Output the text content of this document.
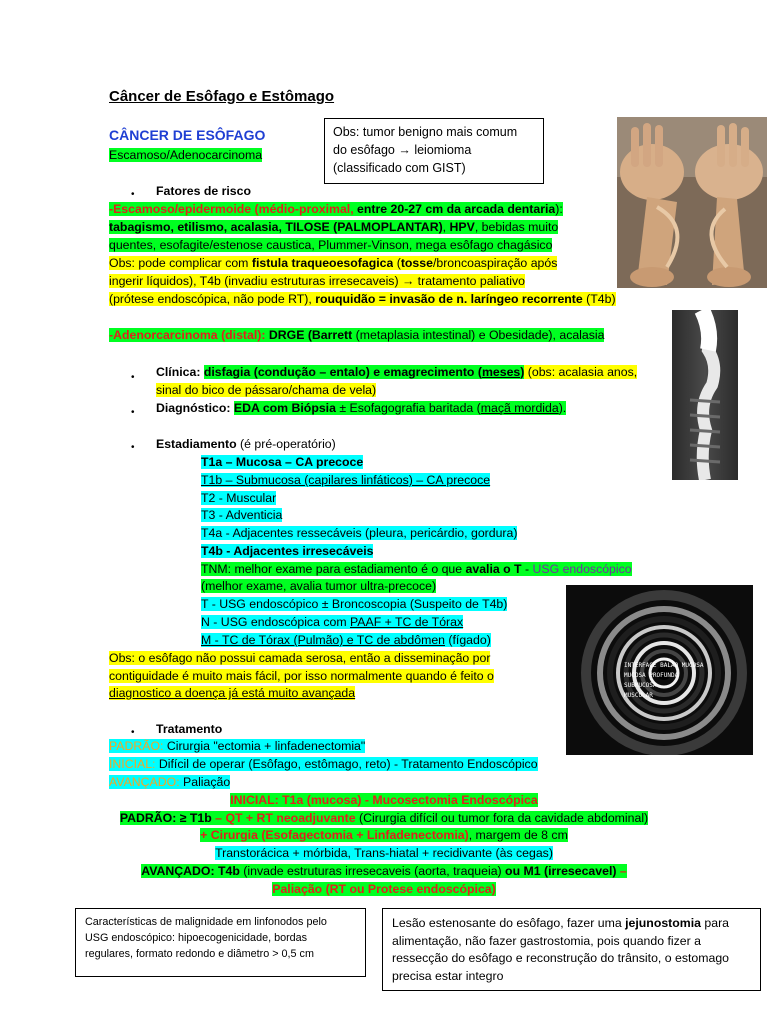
Câncer de Esôfago e Estômago
CÂNCER DE ESÔFAGO
Escamoso/Adenocarcinoma
Obs: tumor benigno mais comum
do esôfago → leiomioma
(classificado com GIST)
• Fatores de risco
-Escamoso/epidermoide (médio-proximal, entre 20-27 cm da arcada dentaria):
tabagismo, etilismo, acalasia, TILOSE (PALMOPLANTAR), HPV, bebidas muito
quentes, esofagite/estenose caustica, Plummer-Vinson, mega esôfago chagásico
Obs: pode complicar com fistula traqueoesofagica (tosse/broncoaspiração após
ingerir líquidos), T4b (invadiu estruturas irresecaveis) → tratamento paliativo
(prótese endoscópica, não pode RT), rouquidão = invasão de n. laríngeo recorrente (T4b)
-Adenorcarcinoma (distal): DRGE (Barrett (metaplasia intestinal) e Obesidade), acalasia
• Clínica: disfagia (condução – entalo) e emagrecimento (meses) (obs: acalasia anos,
sinal do bico de pássaro/chama de vela)
• Diagnóstico: EDA com Biópsia ± Esofagografia baritada (maçã mordida).
• Estadiamento (é pré-operatório)
T1a – Mucosa – CA precoce
T1b – Submucosa (capilares linfáticos) – CA precoce
T2 - Muscular
T3 - Adventicia
T4a - Adjacentes ressecáveis (pleura, pericárdio, gordura)
T4b - Adjacentes irresecáveis
TNM: melhor exame para estadiamento é o que avalia o T - USG endoscópico
(melhor exame, avalia tumor ultra-precoce)
T - USG endoscópico ± Broncoscopia (Suspeito de T4b)
N - USG endoscópica com PAAF + TC de Tórax
M - TC de Tórax (Pulmão) e TC de abdômen (fígado)
INTERFACE BALAO MUCOSA
MUCOSA PROFUNDA
SUBMUCOSA
MUSCULAR
Obs: o esôfago não possui camada serosa, então a disseminação por
contiguidade é muito mais fácil, por isso normalmente quando é feito o
diagnostico a doença já está muito avançada
• Tratamento
PADRÃO: Cirurgia "ectomia + linfadenectomia"
INICIAL: Difícil de operar (Esôfago, estômago, reto) - Tratamento Endoscópico
AVANÇADO: Paliação
INICIAL: T1a (mucosa) - Mucosectomia Endoscópica
PADRÃO: ≥ T1b – QT + RT neoadjuvante (Cirurgia difícil ou tumor fora da cavidade abdominal)
+ Cirurgia (Esofagectomia + Linfadenectomia), margem de 8 cm
Transtorácica + mórbida, Trans-hiatal + recidivante (às cegas)
AVANÇADO: T4b (invade estruturas irresecaveis (aorta, traqueia) ou M1 (irresecavel) –
Paliação (RT ou Protese endoscópica)
Características de malignidade em linfonodos pelo
USG endoscópico: hipoecogenicidade, bordas
regulares, formato redondo e diâmetro > 0,5 cm
Lesão estenosante do esôfago, fazer uma jejunostomia para
alimentação, não fazer gastrostomia, pois quando fizer a
ressecção do esôfago e reconstrução do trânsito, o estomago
precisa estar integro
